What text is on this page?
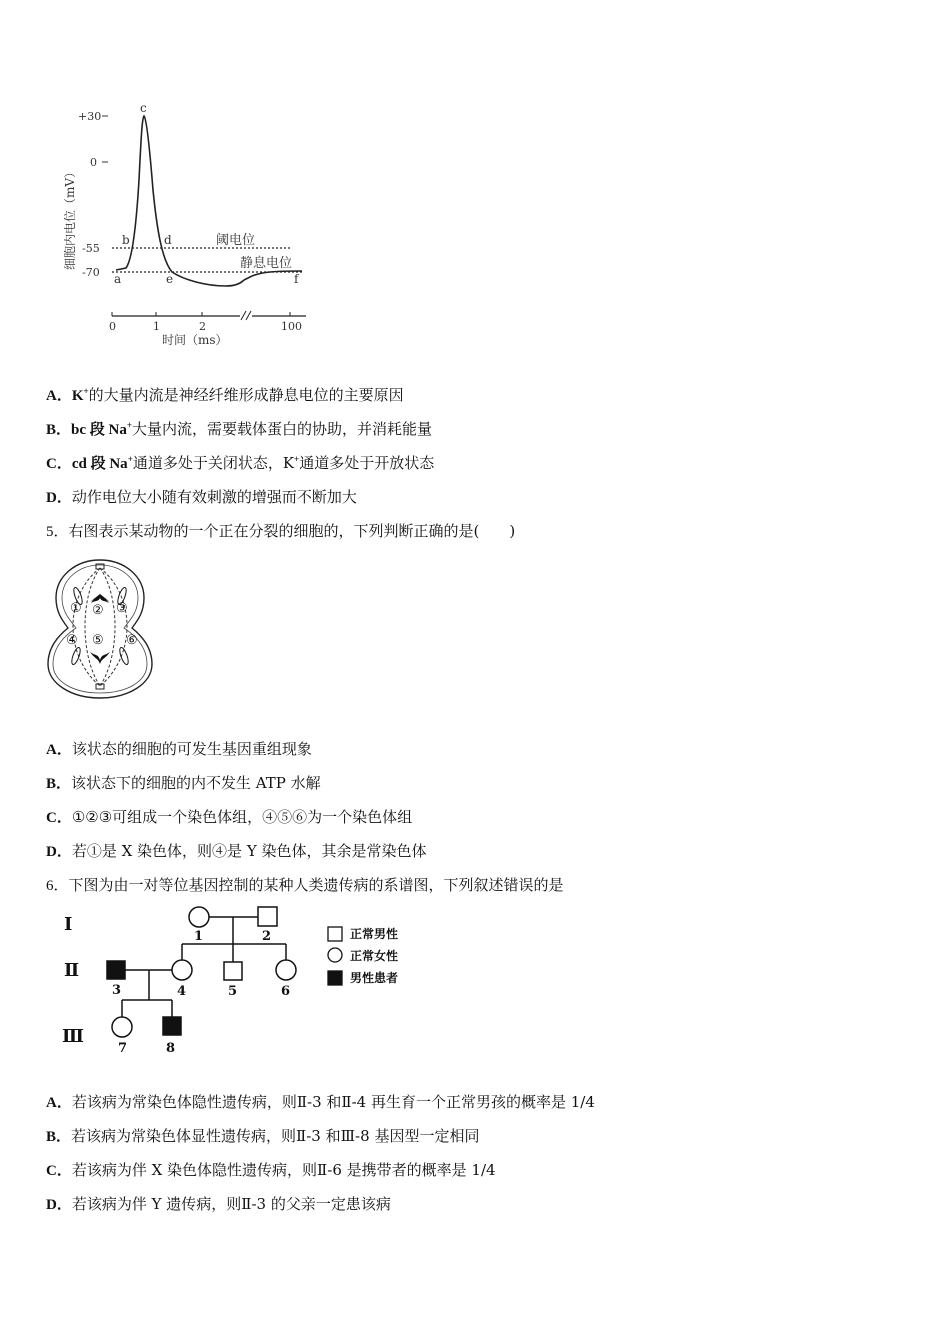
细胞内电位（mV）
+30
0
-55
-70 a
b
c
d
e	f
阈电位
静息电位
0	1	2	100
时间（ms）
A．K+的大量内流是神经纤维形成静息电位的主要原因
B．bc 段 Na+大量内流，需要载体蛋白的协助，并消耗能量
C．cd 段 Na+通道多处于关闭状态，K+通道多处于开放状态
D．动作电位大小随有效刺激的增强而不断加大
5．右图表示某动物的一个正在分裂的细胞的，下列判断正确的是(　　)
① ② ③
④ ⑤ ⑥
A．该状态的细胞的可发生基因重组现象
B．该状态下的细胞的内不发生 ATP 水解
C．①②③可组成一个染色体组，④⑤⑥为一个染色体组
D．若①是 X 染色体，则④是 Y 染色体，其余是常染色体
6．下图为由一对等位基因控制的某种人类遗传病的系谱图，下列叙述错误的是
Ⅰ
Ⅱ
Ⅲ
1	2
3	4	5	6
7	8
正常男性
正常女性
男性患者
A．若该病为常染色体隐性遗传病，则Ⅱ-3 和Ⅱ-4 再生育一个正常男孩的概率是 1/4
B．若该病为常染色体显性遗传病，则Ⅱ-3 和Ⅲ-8 基因型一定相同
C．若该病为伴 X 染色体隐性遗传病，则Ⅱ-6 是携带者的概率是 1/4
D．若该病为伴 Y 遗传病，则Ⅱ-3 的父亲一定患该病
